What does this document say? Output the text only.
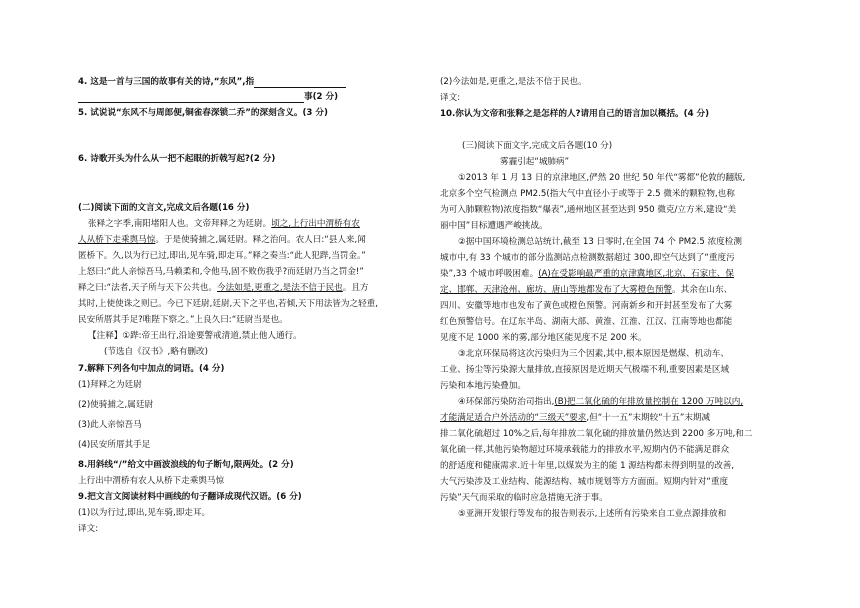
4. 这是一首与三国的故事有关的诗,“东风”,指
事(2 分)
5. 试说说“东风不与周郎便,铜雀春深锁二乔”的深刻含义。(3 分)
6. 诗歌开头为什么从一把不起眼的折戟写起?(2 分)
(二)阅读下面的文言文,完成文后各题(16 分)
张释之字季,南阳堵阳人也。文帝拜释之为廷尉。顷之,上行出中渭桥有农
人从桥下走乘舆马惊。于是使骑捕之,属廷尉。释之治问。农人曰:“县人来,闻
匿桥下。久,以为行已过,即出,见车骑,即走耳。”释之奏当:“此人犯跸,当罚金。”
上怒曰:“此人亲惊吾马,马赖柔和,令他马,固不败伤我乎?而廷尉乃当之罚金!”
释之曰:“法者,天子所与天下公共也。今法如是,更重之,是法不信于民也。且方
其时,上使使诛之则已。今已下廷尉,廷尉,天下之平也,若倾,天下用法皆为之轻重,
民安所厝其手足?唯陛下察之。”上良久曰:“廷尉当是也。
【注释】①跸:帝王出行,沿途要警戒清道,禁止他人通行。
(节选自《汉书》,略有删改)
7.解释下列各句中加点的词语。(4 分)
(1)拜释之为廷尉
(2)使骑捕之,属廷尉
(3)此人亲惊吾马
(4)民安所厝其手足
8.用斜线“/”给文中画波浪线的句子断句,限两处。(2 分)
上行出中渭桥有农人从桥下走乘舆马惊
9.把文言文阅读材料中画线的句子翻译成现代汉语。(6 分)
(1)以为行过,即出,见车骑,即走耳。
译文:
(2)今法如是,更重之,是法不信于民也。
译文:
10.你认为文帝和张释之是怎样的人?请用自己的语言加以概括。(4 分)
(三)阅读下面文字,完成文后各题(10 分)
雾霾引起“城肺病”
①2013 年 1 月 13 日的京津地区,俨然 20 世纪 50 年代“雾都”伦敦的翻版,
北京多个空气检测点 PM2.5(指大气中直径小于或等于 2.5 微米的颗粒物,也称
为可入肺颗粒物)浓度指数“爆表”,通州地区甚至达到 950 微克/立方米,建设“美
丽中国”目标遭遇严峻挑战。
②据中国环境检测总站统计,截至 13 日零时,在全国 74 个 PM2.5 浓度检测
城市中,有 33 个城市的部分监测站点检测数据超过 300,即空气达到了“重度污
染”,33 个城市呼吸困难。(A)在受影响最严重的京津冀地区,北京、石家庄、保
定、邯郸、天津沧州、廊坊、唐山等地都发布了大雾橙色预警。其余在山东、
四川、安徽等地市也发布了黄色或橙色预警。河南新乡和开封甚至发布了大雾
红色预警信号。在辽东半岛、湖南大部、黄淮、江淮、江汉、江南等地也都能
见度不足 1000 米的雾,部分地区能见度不足 200 米。
③北京环保局将这次污染归为三个因素,其中,根本原因是燃煤、机动车、
工业、扬尘等污染源大量排放,直接原因是近期天气极端不利,重要因素是区域
污染和本地污染叠加。
④环保部污染防治司指出,(B)把二氧化硫的年排放量控制在 1200 万吨以内,
才能满足适合户外活动的“三级天”要求,但“十一五”末期较“十五”末期减
排二氧化硫超过 10%之后,每年排放二氧化硫的排放量仍然达到 2200 多万吨,和二
氧化硫一样,其他污染物超过环境承载能力的排放水平,短期内仍不能满足群众
的舒适度和健康需求.近十年里,以煤炭为主的能 1 源结构都未得到明显的改善,
大气污染涉及工业结构、能源结构、城市规划等方方面面。短期内针对“重度
污染”天气而采取的临时应急措施无济于事。
⑤亚洲开发银行等发布的报告则表示,上述所有污染来自工业点源排放和
